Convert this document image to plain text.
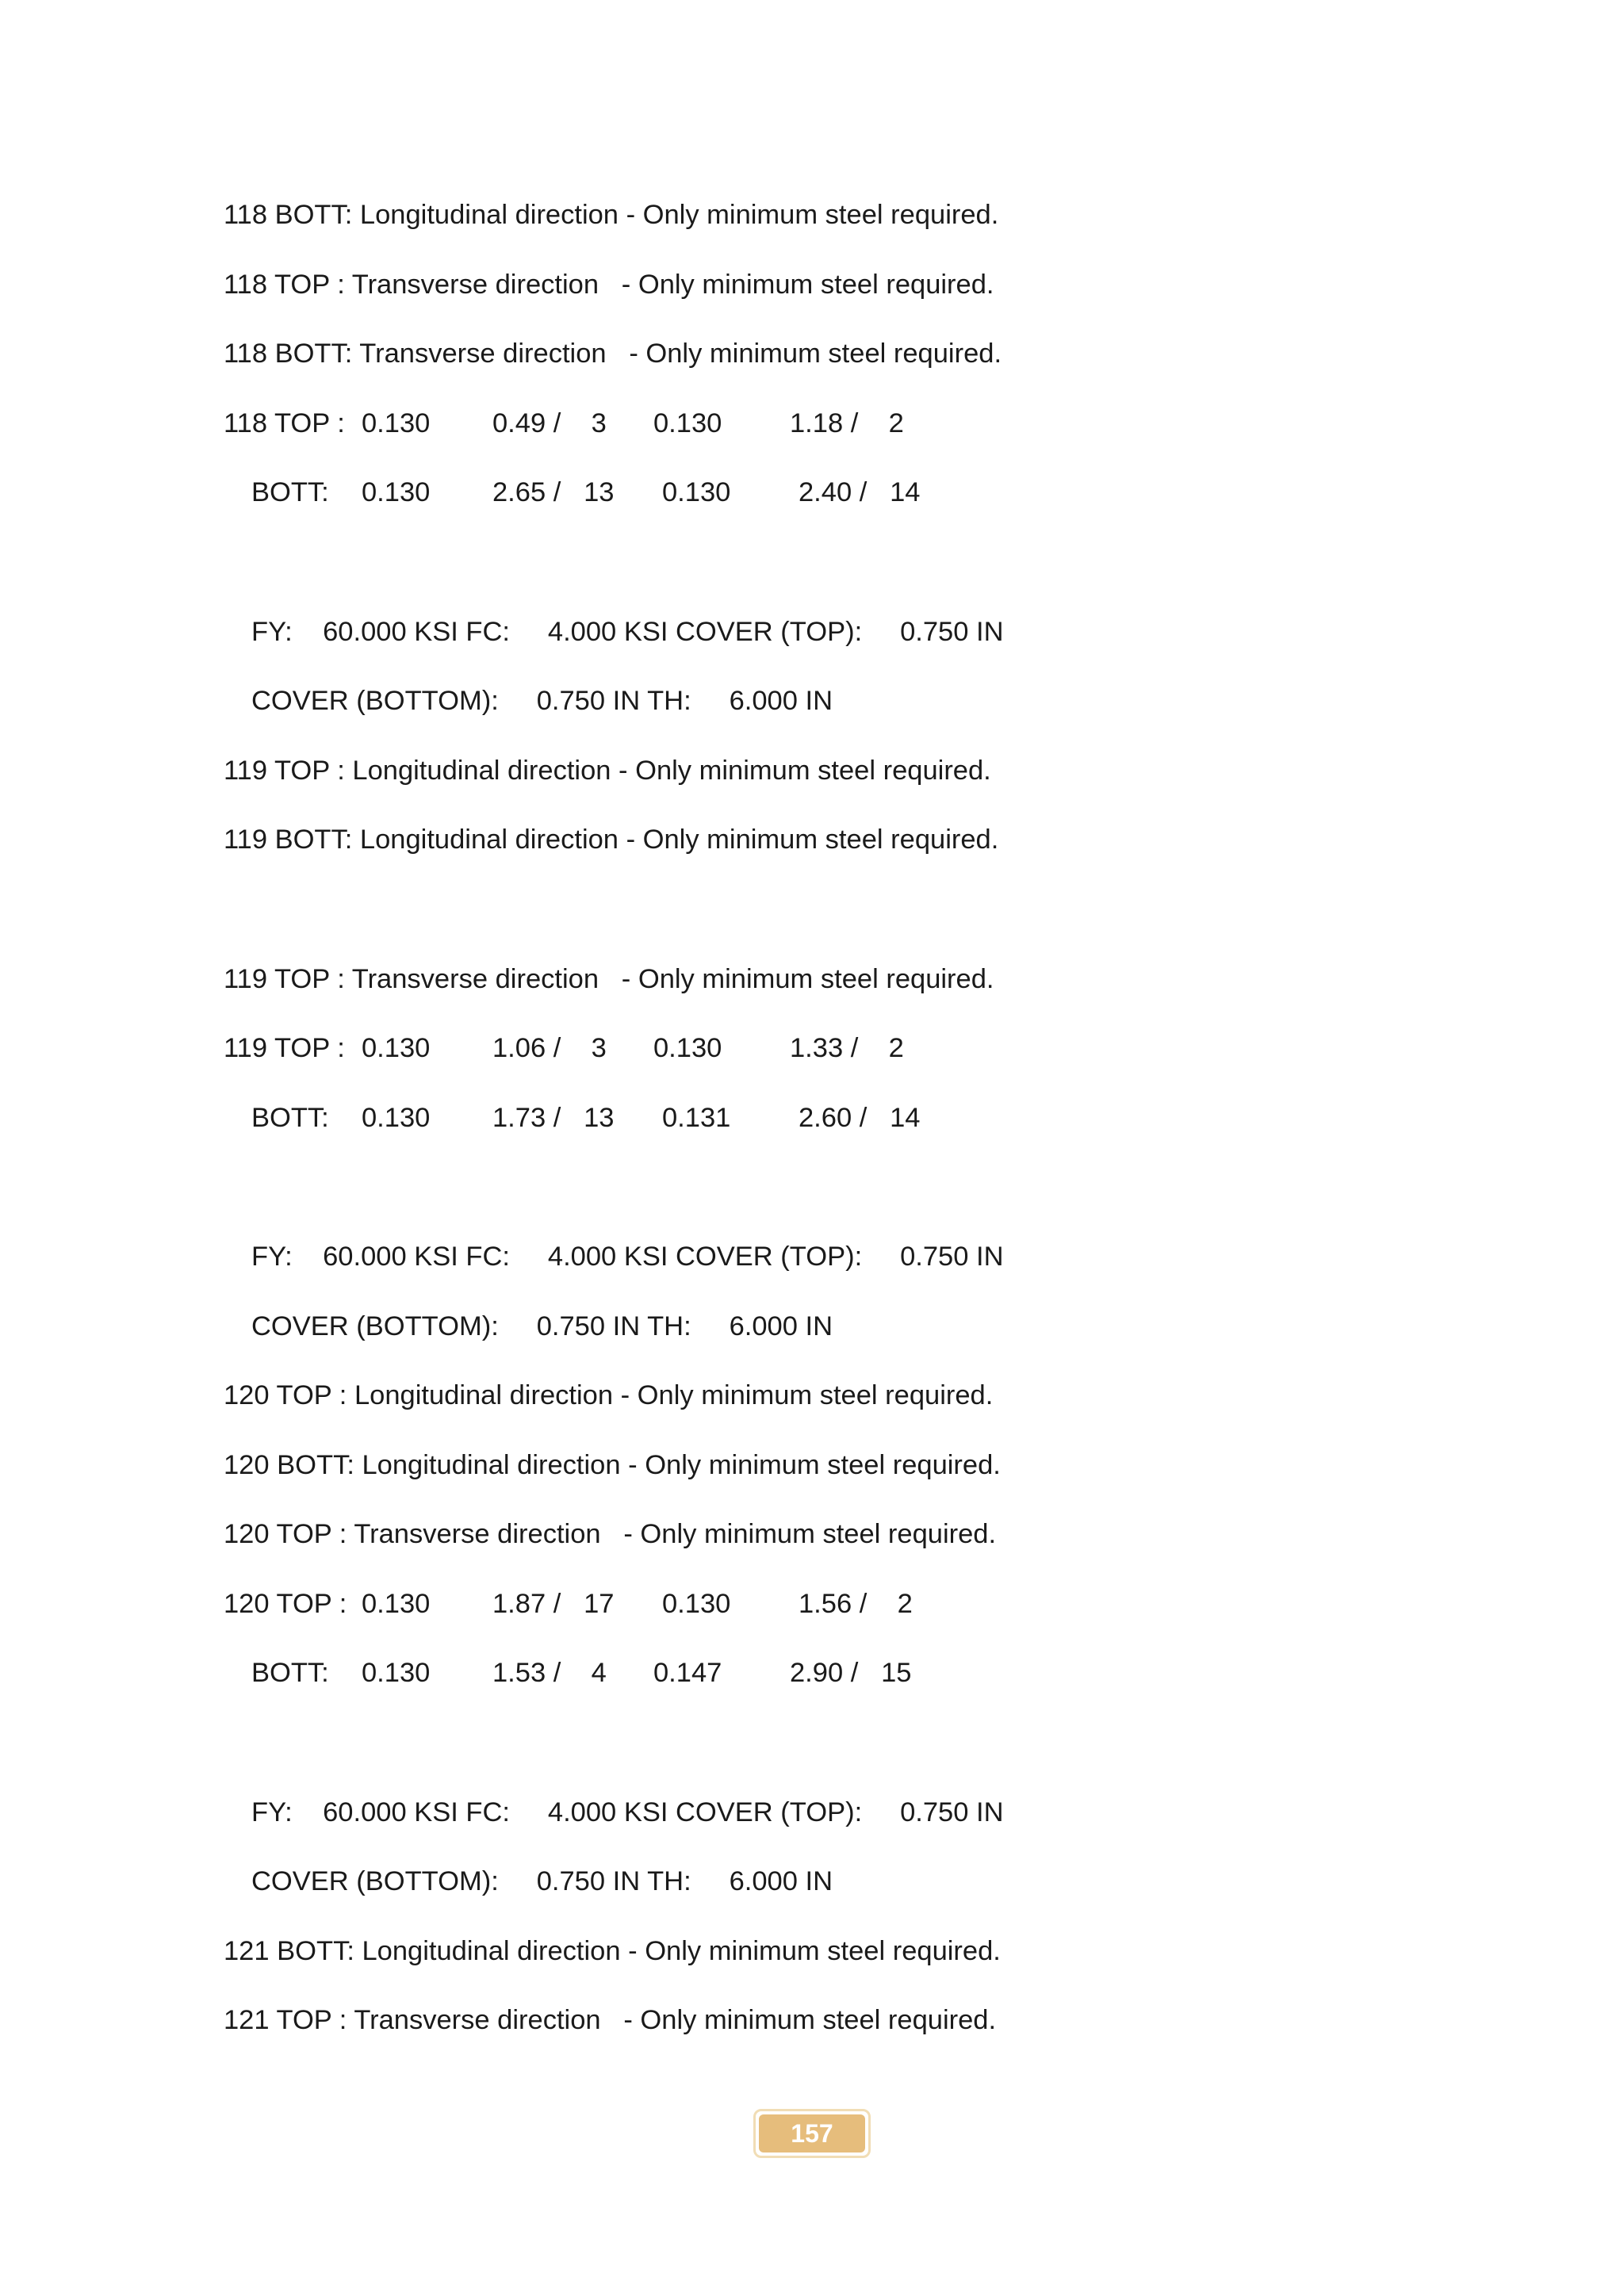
118 BOTT: Longitudinal direction - Only minimum steel required.
118 TOP : Transverse direction   - Only minimum steel required.
118 BOTT: Transverse direction   - Only minimum steel required.
118 TOP : 0.130 0.49 /    3 0.130 1.18 /    2
BOTT: 0.130 2.65 /   13 0.130 2.40 /   14
FY:    60.000 KSI FC:     4.000 KSI COVER (TOP):     0.750 IN
COVER (BOTTOM):     0.750 IN TH:     6.000 IN
119 TOP : Longitudinal direction - Only minimum steel required.
119 BOTT: Longitudinal direction - Only minimum steel required.
119 TOP : Transverse direction   - Only minimum steel required.
119 TOP : 0.130 1.06 /    3 0.130 1.33 /    2
BOTT: 0.130 1.73 /   13 0.131 2.60 /   14
FY:    60.000 KSI FC:     4.000 KSI COVER (TOP):     0.750 IN
COVER (BOTTOM):     0.750 IN TH:     6.000 IN
120 TOP : Longitudinal direction - Only minimum steel required.
120 BOTT: Longitudinal direction - Only minimum steel required.
120 TOP : Transverse direction   - Only minimum steel required.
120 TOP : 0.130 1.87 /   17 0.130 1.56 /    2
BOTT: 0.130 1.53 /    4 0.147 2.90 /   15
FY:    60.000 KSI FC:     4.000 KSI COVER (TOP):     0.750 IN
COVER (BOTTOM):     0.750 IN TH:     6.000 IN
121 BOTT: Longitudinal direction - Only minimum steel required.
121 TOP : Transverse direction   - Only minimum steel required.
157
